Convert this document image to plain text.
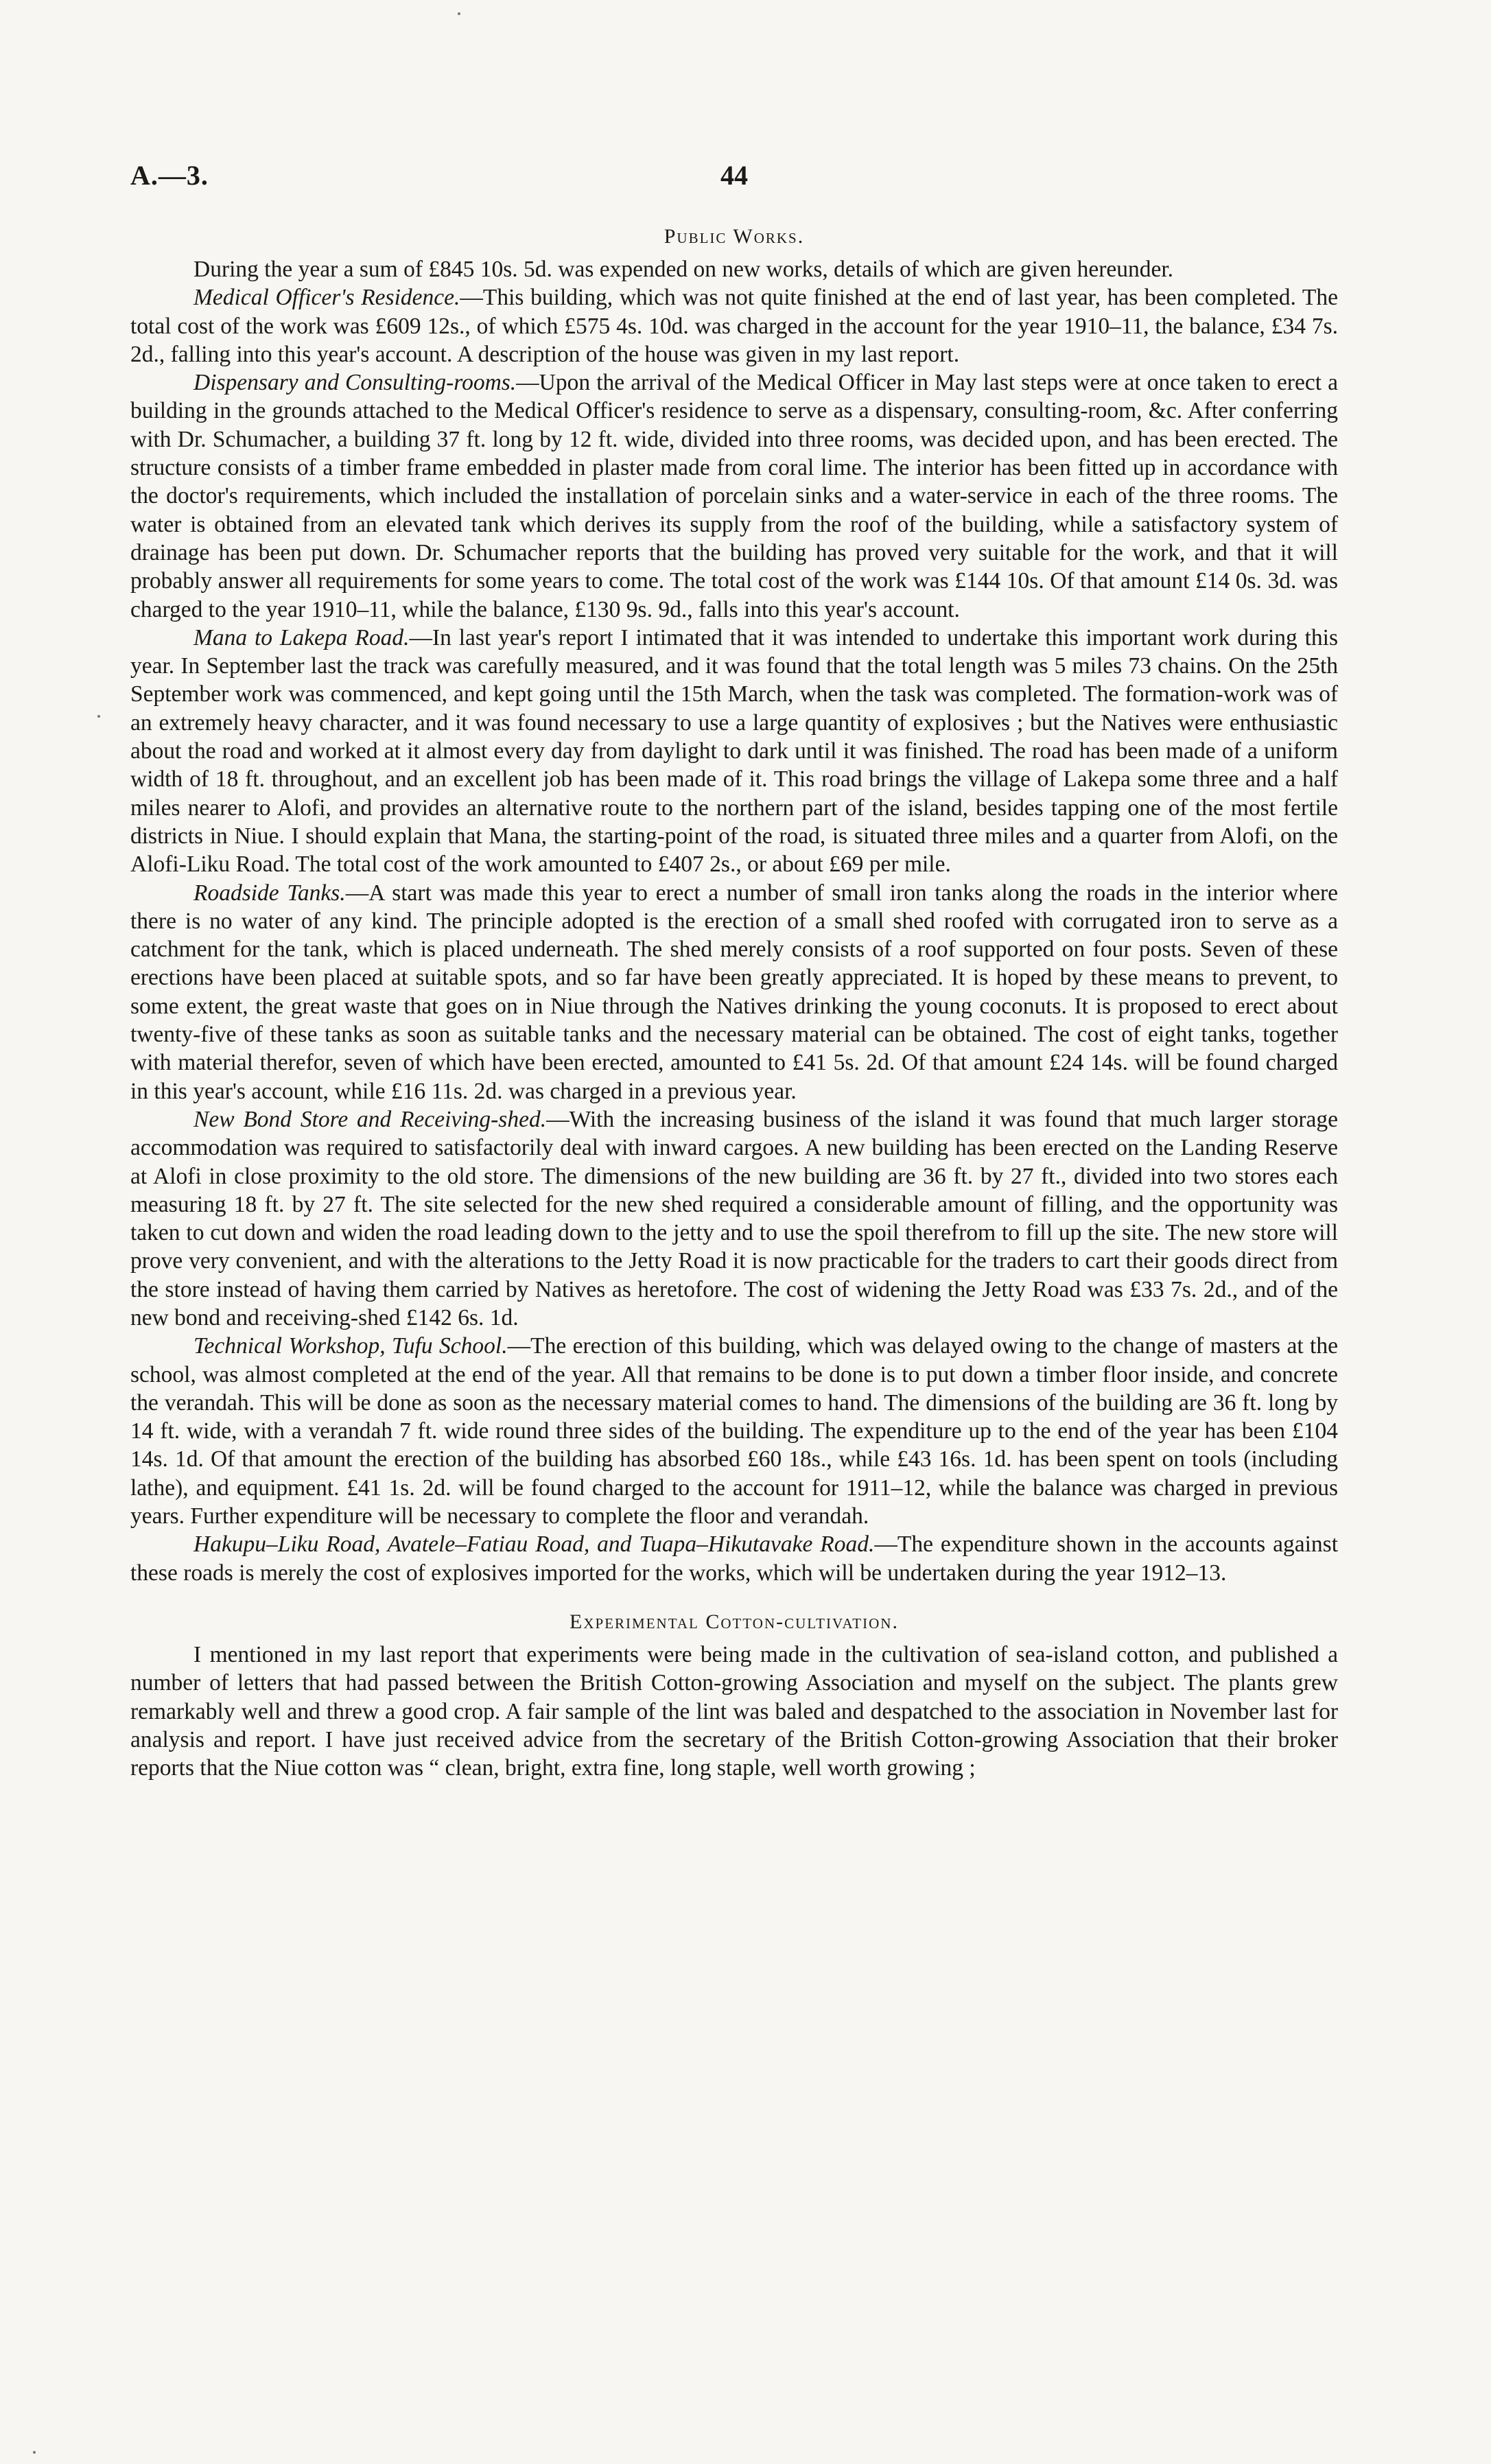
A.—3.	44
Public Works.

During the year a sum of £845 10s. 5d. was expended on new works, details of which are given hereunder.

Medical Officer's Residence.—This building, which was not quite finished at the end of last year, has been completed. The total cost of the work was £609 12s., of which £575 4s. 10d. was charged in the account for the year 1910–11, the balance, £34 7s. 2d., falling into this year's account. A description of the house was given in my last report.

Dispensary and Consulting-rooms.—Upon the arrival of the Medical Officer in May last steps were at once taken to erect a building in the grounds attached to the Medical Officer's residence to serve as a dispensary, consulting-room, &c. After conferring with Dr. Schumacher, a building 37 ft. long by 12 ft. wide, divided into three rooms, was decided upon, and has been erected. The structure consists of a timber frame embedded in plaster made from coral lime. The interior has been fitted up in accordance with the doctor's requirements, which included the installation of porcelain sinks and a water-service in each of the three rooms. The water is obtained from an elevated tank which derives its supply from the roof of the building, while a satisfactory system of drainage has been put down. Dr. Schumacher reports that the building has proved very suitable for the work, and that it will probably answer all requirements for some years to come. The total cost of the work was £144 10s. Of that amount £14 0s. 3d. was charged to the year 1910–11, while the balance, £130 9s. 9d., falls into this year's account.

Mana to Lakepa Road.—In last year's report I intimated that it was intended to undertake this important work during this year. In September last the track was carefully measured, and it was found that the total length was 5 miles 73 chains. On the 25th September work was commenced, and kept going until the 15th March, when the task was completed. The formation-work was of an extremely heavy character, and it was found necessary to use a large quantity of explosives ; but the Natives were enthusiastic about the road and worked at it almost every day from daylight to dark until it was finished. The road has been made of a uniform width of 18 ft. throughout, and an excellent job has been made of it. This road brings the village of Lakepa some three and a half miles nearer to Alofi, and provides an alternative route to the northern part of the island, besides tapping one of the most fertile districts in Niue. I should explain that Mana, the starting-point of the road, is situated three miles and a quarter from Alofi, on the Alofi-Liku Road. The total cost of the work amounted to £407 2s., or about £69 per mile.

Roadside Tanks.—A start was made this year to erect a number of small iron tanks along the roads in the interior where there is no water of any kind. The principle adopted is the erection of a small shed roofed with corrugated iron to serve as a catchment for the tank, which is placed underneath. The shed merely consists of a roof supported on four posts. Seven of these erections have been placed at suitable spots, and so far have been greatly appreciated. It is hoped by these means to prevent, to some extent, the great waste that goes on in Niue through the Natives drinking the young coconuts. It is proposed to erect about twenty-five of these tanks as soon as suitable tanks and the necessary material can be obtained. The cost of eight tanks, together with material therefor, seven of which have been erected, amounted to £41 5s. 2d. Of that amount £24 14s. will be found charged in this year's account, while £16 11s. 2d. was charged in a previous year.

New Bond Store and Receiving-shed.—With the increasing business of the island it was found that much larger storage accommodation was required to satisfactorily deal with inward cargoes. A new building has been erected on the Landing Reserve at Alofi in close proximity to the old store. The dimensions of the new building are 36 ft. by 27 ft., divided into two stores each measuring 18 ft. by 27 ft. The site selected for the new shed required a considerable amount of filling, and the opportunity was taken to cut down and widen the road leading down to the jetty and to use the spoil therefrom to fill up the site. The new store will prove very convenient, and with the alterations to the Jetty Road it is now practicable for the traders to cart their goods direct from the store instead of having them carried by Natives as heretofore. The cost of widening the Jetty Road was £33 7s. 2d., and of the new bond and receiving-shed £142 6s. 1d.

Technical Workshop, Tufu School.—The erection of this building, which was delayed owing to the change of masters at the school, was almost completed at the end of the year. All that remains to be done is to put down a timber floor inside, and concrete the verandah. This will be done as soon as the necessary material comes to hand. The dimensions of the building are 36 ft. long by 14 ft. wide, with a verandah 7 ft. wide round three sides of the building. The expenditure up to the end of the year has been £104 14s. 1d. Of that amount the erection of the building has absorbed £60 18s., while £43 16s. 1d. has been spent on tools (including lathe), and equipment. £41 1s. 2d. will be found charged to the account for 1911–12, while the balance was charged in previous years. Further expenditure will be necessary to complete the floor and verandah.

Hakupu–Liku Road, Avatele–Fatiau Road, and Tuapa–Hikutavake Road.—The expenditure shown in the accounts against these roads is merely the cost of explosives imported for the works, which will be undertaken during the year 1912–13.

Experimental Cotton-cultivation.

I mentioned in my last report that experiments were being made in the cultivation of sea-island cotton, and published a number of letters that had passed between the British Cotton-growing Association and myself on the subject. The plants grew remarkably well and threw a good crop. A fair sample of the lint was baled and despatched to the association in November last for analysis and report. I have just received advice from the secretary of the British Cotton-growing Association that their broker reports that the Niue cotton was “ clean, bright, extra fine, long staple, well worth growing ;
